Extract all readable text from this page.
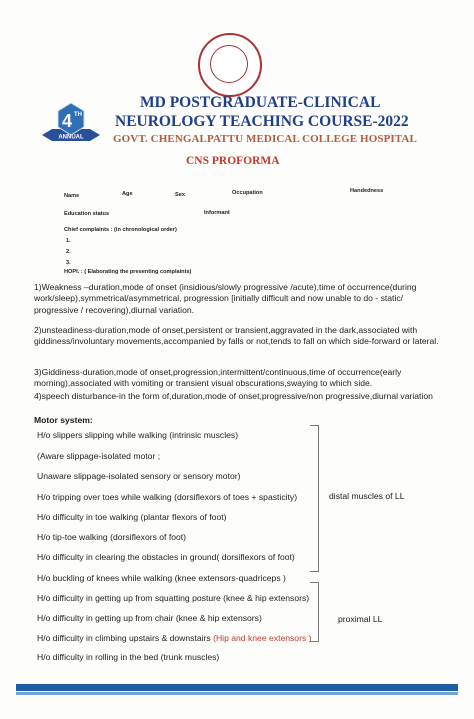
4 TH
ANNUAL
MD POSTGRADUATE-CLINICAL
NEUROLOGY TEACHING COURSE-2022
GOVT. CHENGALPATTU MEDICAL COLLEGE HOSPITAL
CNS PROFORMA
Name	Age	Sex	Occupation	Handedness
Education status	Informant
Chief complaints : (in chronological order)
1.
2.
3.
HOPI. : ( Elaborating the presenting complaints)
1)Weakness –duration,mode of onset (insidious/slowly progressive /acute),time of occurrence(during work/sleep),symmetrical/asymmetrical, progression [initially difficult and now unable to do - static/ progressive / recovering),diurnal variation.
2)unsteadiness-duration,mode of onset,persistent or transient,aggravated in the dark,associated with giddiness/involuntary movements,accompanied by falls or not,tends to fall on which side-forward or lateral.
3)Giddiness-duration,mode of onset,progression,intermittent/continuous,time of occurrence(early morning),associated with vomiting or transient visual obscurations,swaying to which side.
4)speech disturbance-in the form of,duration,mode of onset,progressive/non progressive,diurnal variation
Motor system:
H/o slippers slipping while walking (intrinsic muscles)
(Aware slippage-isolated motor ;
Unaware slippage-isolated sensory or sensory motor)
H/o tripping over toes while walking (dorsiflexors of toes + spasticity)
H/o difficulty in toe walking (plantar flexors of foot)
H/o tip-toe walking (dorsiflexors of foot)
H/o difficulty in clearing the obstacles in ground( dorsiflexors of foot)
H/o buckling of knees while walking (knee extensors-quadriceps )
H/o difficulty in getting up from squatting posture (knee & hip extensors)
H/o difficulty in getting up from chair (knee & hip extensors)
H/o difficulty in climbing upstairs & downstairs (Hip and knee extensors )
H/o difficulty in rolling in the bed (trunk muscles)
distal muscles of LL
proximal LL
